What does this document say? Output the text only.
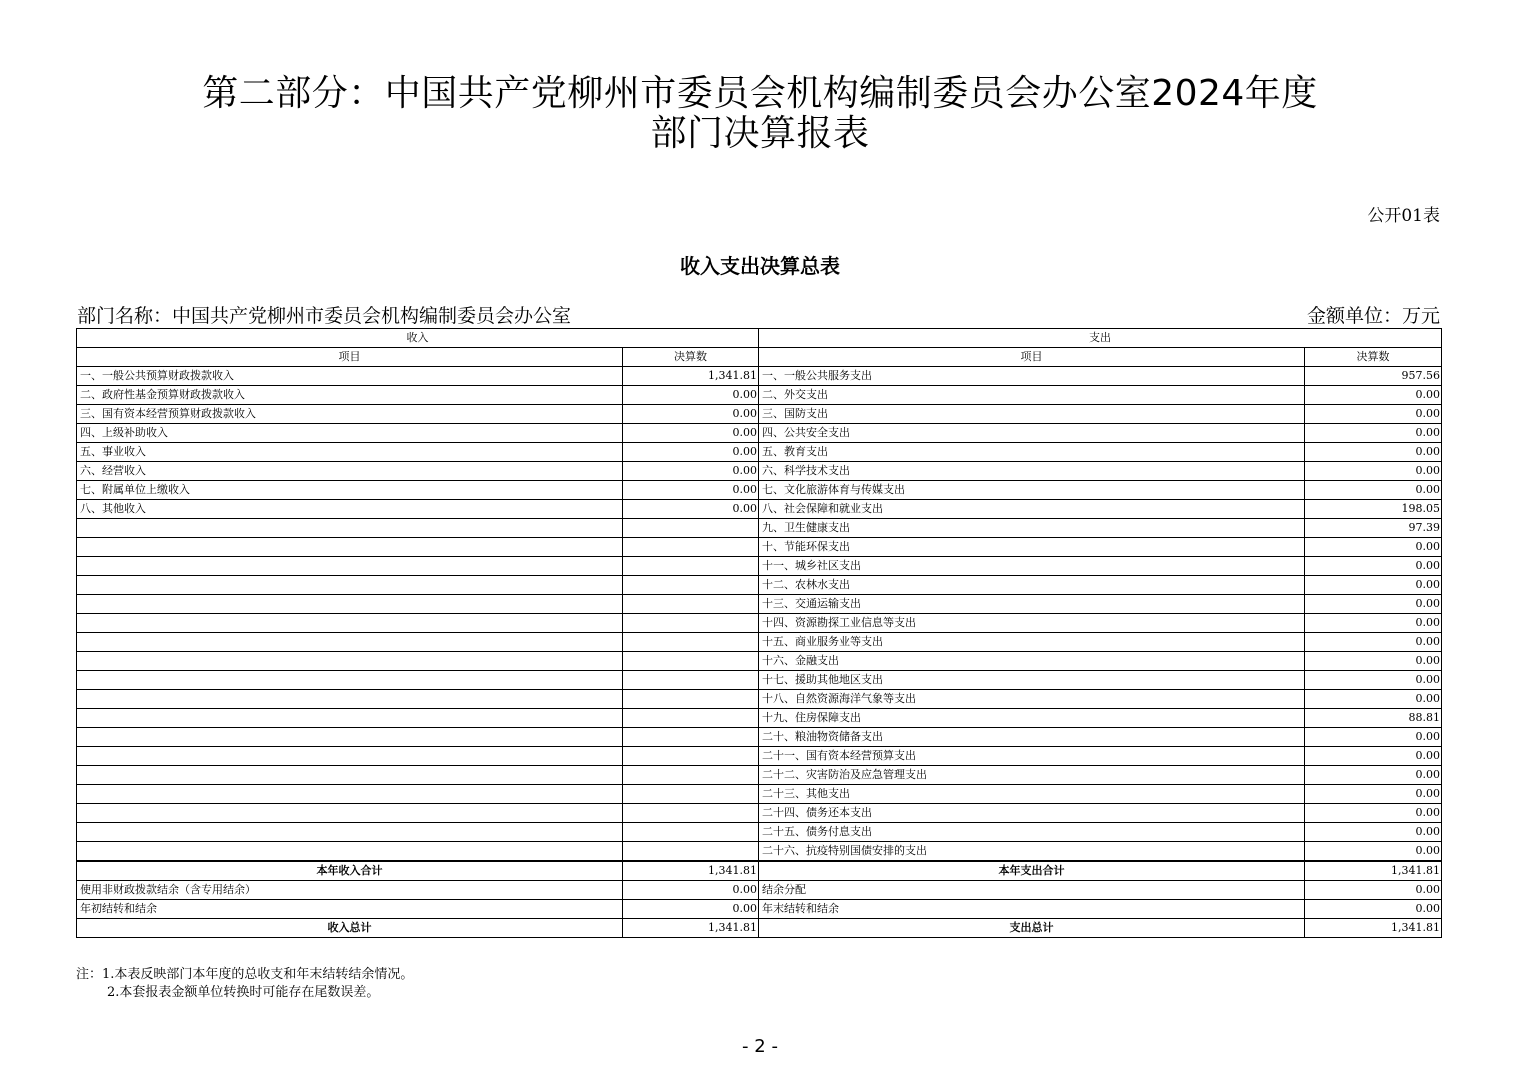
第二部分：中国共产党柳州市委员会机构编制委员会办公室2024年度
部门决算报表
公开01表
收入支出决算总表
部门名称：中国共产党柳州市委员会机构编制委员会办公室	金额单位：万元
收入		支出	
项目	决算数	项目	决算数
一、一般公共预算财政拨款收入	1,341.81	一、一般公共服务支出	957.56
二、政府性基金预算财政拨款收入	0.00	二、外交支出	0.00
三、国有资本经营预算财政拨款收入	0.00	三、国防支出	0.00
四、上级补助收入	0.00	四、公共安全支出	0.00
五、事业收入	0.00	五、教育支出	0.00
六、经营收入	0.00	六、科学技术支出	0.00
七、附属单位上缴收入	0.00	七、文化旅游体育与传媒支出	0.00
八、其他收入	0.00	八、社会保障和就业支出	198.05
		九、卫生健康支出	97.39
		十、节能环保支出	0.00
		十一、城乡社区支出	0.00
		十二、农林水支出	0.00
		十三、交通运输支出	0.00
		十四、资源勘探工业信息等支出	0.00
		十五、商业服务业等支出	0.00
		十六、金融支出	0.00
		十七、援助其他地区支出	0.00
		十八、自然资源海洋气象等支出	0.00
		十九、住房保障支出	88.81
		二十、粮油物资储备支出	0.00
		二十一、国有资本经营预算支出	0.00
		二十二、灾害防治及应急管理支出	0.00
		二十三、其他支出	0.00
		二十四、债务还本支出	0.00
		二十五、债务付息支出	0.00
		二十六、抗疫特别国债安排的支出	0.00
本年收入合计	1,341.81	本年支出合计	1,341.81
使用非财政拨款结余（含专用结余）	0.00	结余分配	0.00
年初结转和结余	0.00	年末结转和结余	0.00
收入总计	1,341.81	支出总计	1,341.81
注：1.本表反映部门本年度的总收支和年末结转结余情况。
2.本套报表金额单位转换时可能存在尾数误差。
- 2 -
